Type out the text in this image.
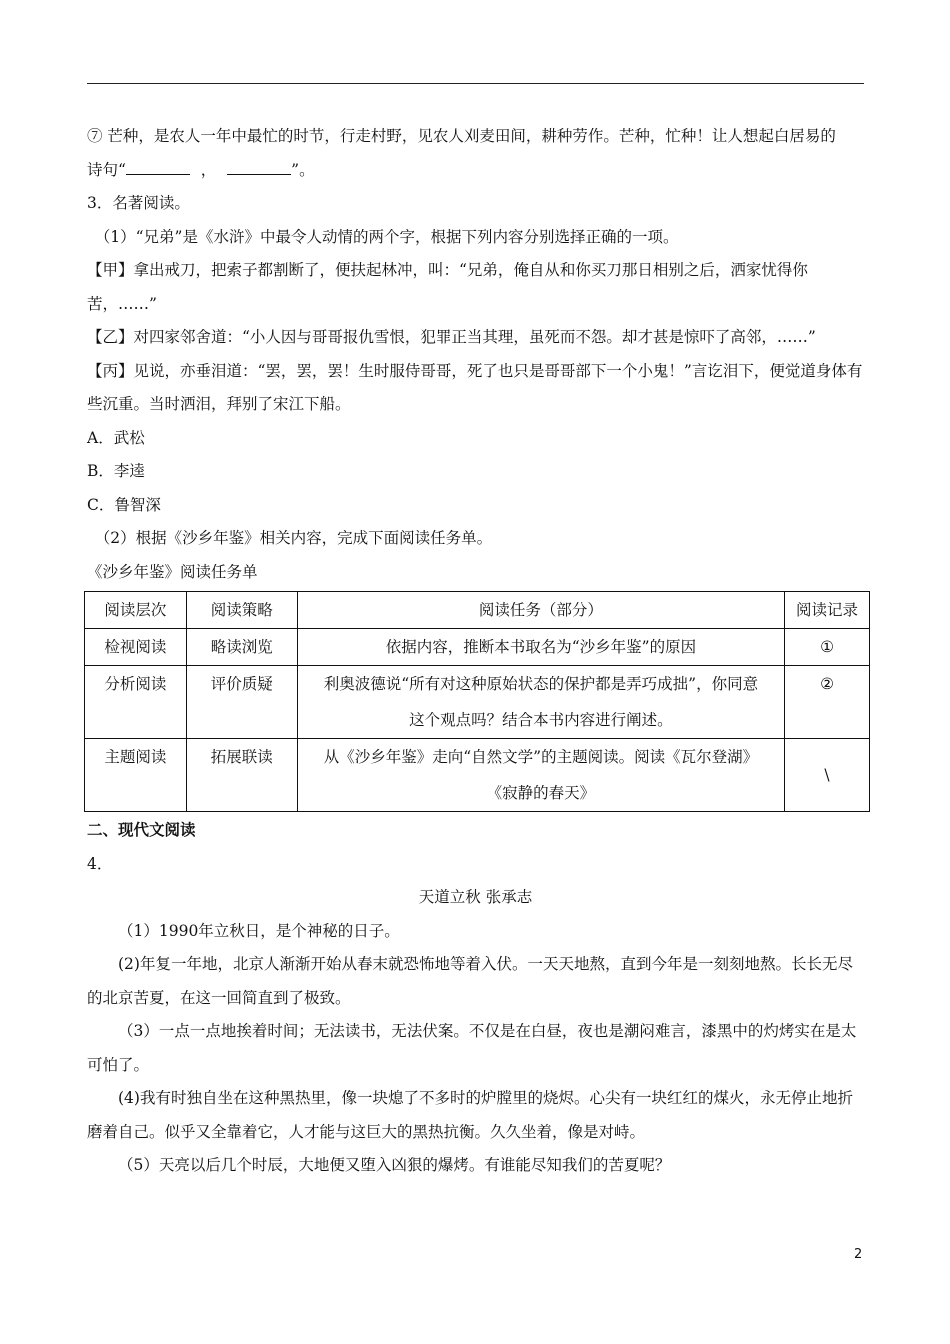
⑦ 芒种，是农人一年中最忙的时节，行走村野，见农人刈麦田间，耕种劳作。芒种，忙种！让人想起白居易的

诗句“	，	”。

3．名著阅读。

（1）“兄弟”是《水浒》中最令人动情的两个字，根据下列内容分别选择正确的一项。

【甲】拿出戒刀，把索子都割断了，便扶起林冲，叫：“兄弟，俺自从和你买刀那日相别之后，洒家忧得你苦，……”

【乙】对四家邻舍道：“小人因与哥哥报仇雪恨，犯罪正当其理，虽死而不怨。却才甚是惊吓了高邻，……”

【丙】见说，亦垂泪道：“罢，罢，罢！生时服侍哥哥，死了也只是哥哥部下一个小鬼！”言讫泪下，便觉道身体有些沉重。当时洒泪，拜别了宋江下船。

A．武松

B．李逵

C．鲁智深

（2）根据《沙乡年鉴》相关内容，完成下面阅读任务单。

《沙乡年鉴》阅读任务单

阅读层次	阅读策略	阅读任务（部分）	阅读记录
检视阅读	略读浏览	依据内容，推断本书取名为“沙乡年鉴”的原因	①
分析阅读	评价质疑	利奥波德说“所有对这种原始状态的保护都是弄巧成拙”，你同意这个观点吗？结合本书内容进行阐述。	②
主题阅读	拓展联读	从《沙乡年鉴》走向“自然文学”的主题阅读。阅读《瓦尔登湖》《寂静的春天》	\

二、现代文阅读

4．

天道立秋 张承志

（1）1990年立秋日，是个神秘的日子。

(2)年复一年地，北京人渐渐开始从春末就恐怖地等着入伏。一天天地熬，直到今年是一刻刻地熬。长长无尽的北京苦夏，在这一回简直到了极致。

（3）一点一点地挨着时间；无法读书，无法伏案。不仅是在白昼，夜也是潮闷难言，漆黑中的灼烤实在是太可怕了。

(4)我有时独自坐在这种黑热里，像一块熄了不多时的炉膛里的烧烬。心尖有一块红红的煤火，永无停止地折磨着自己。似乎又全靠着它，人才能与这巨大的黑热抗衡。久久坐着，像是对峙。

（5）天亮以后几个时辰，大地便又堕入凶狠的爆烤。有谁能尽知我们的苦夏呢？

2
